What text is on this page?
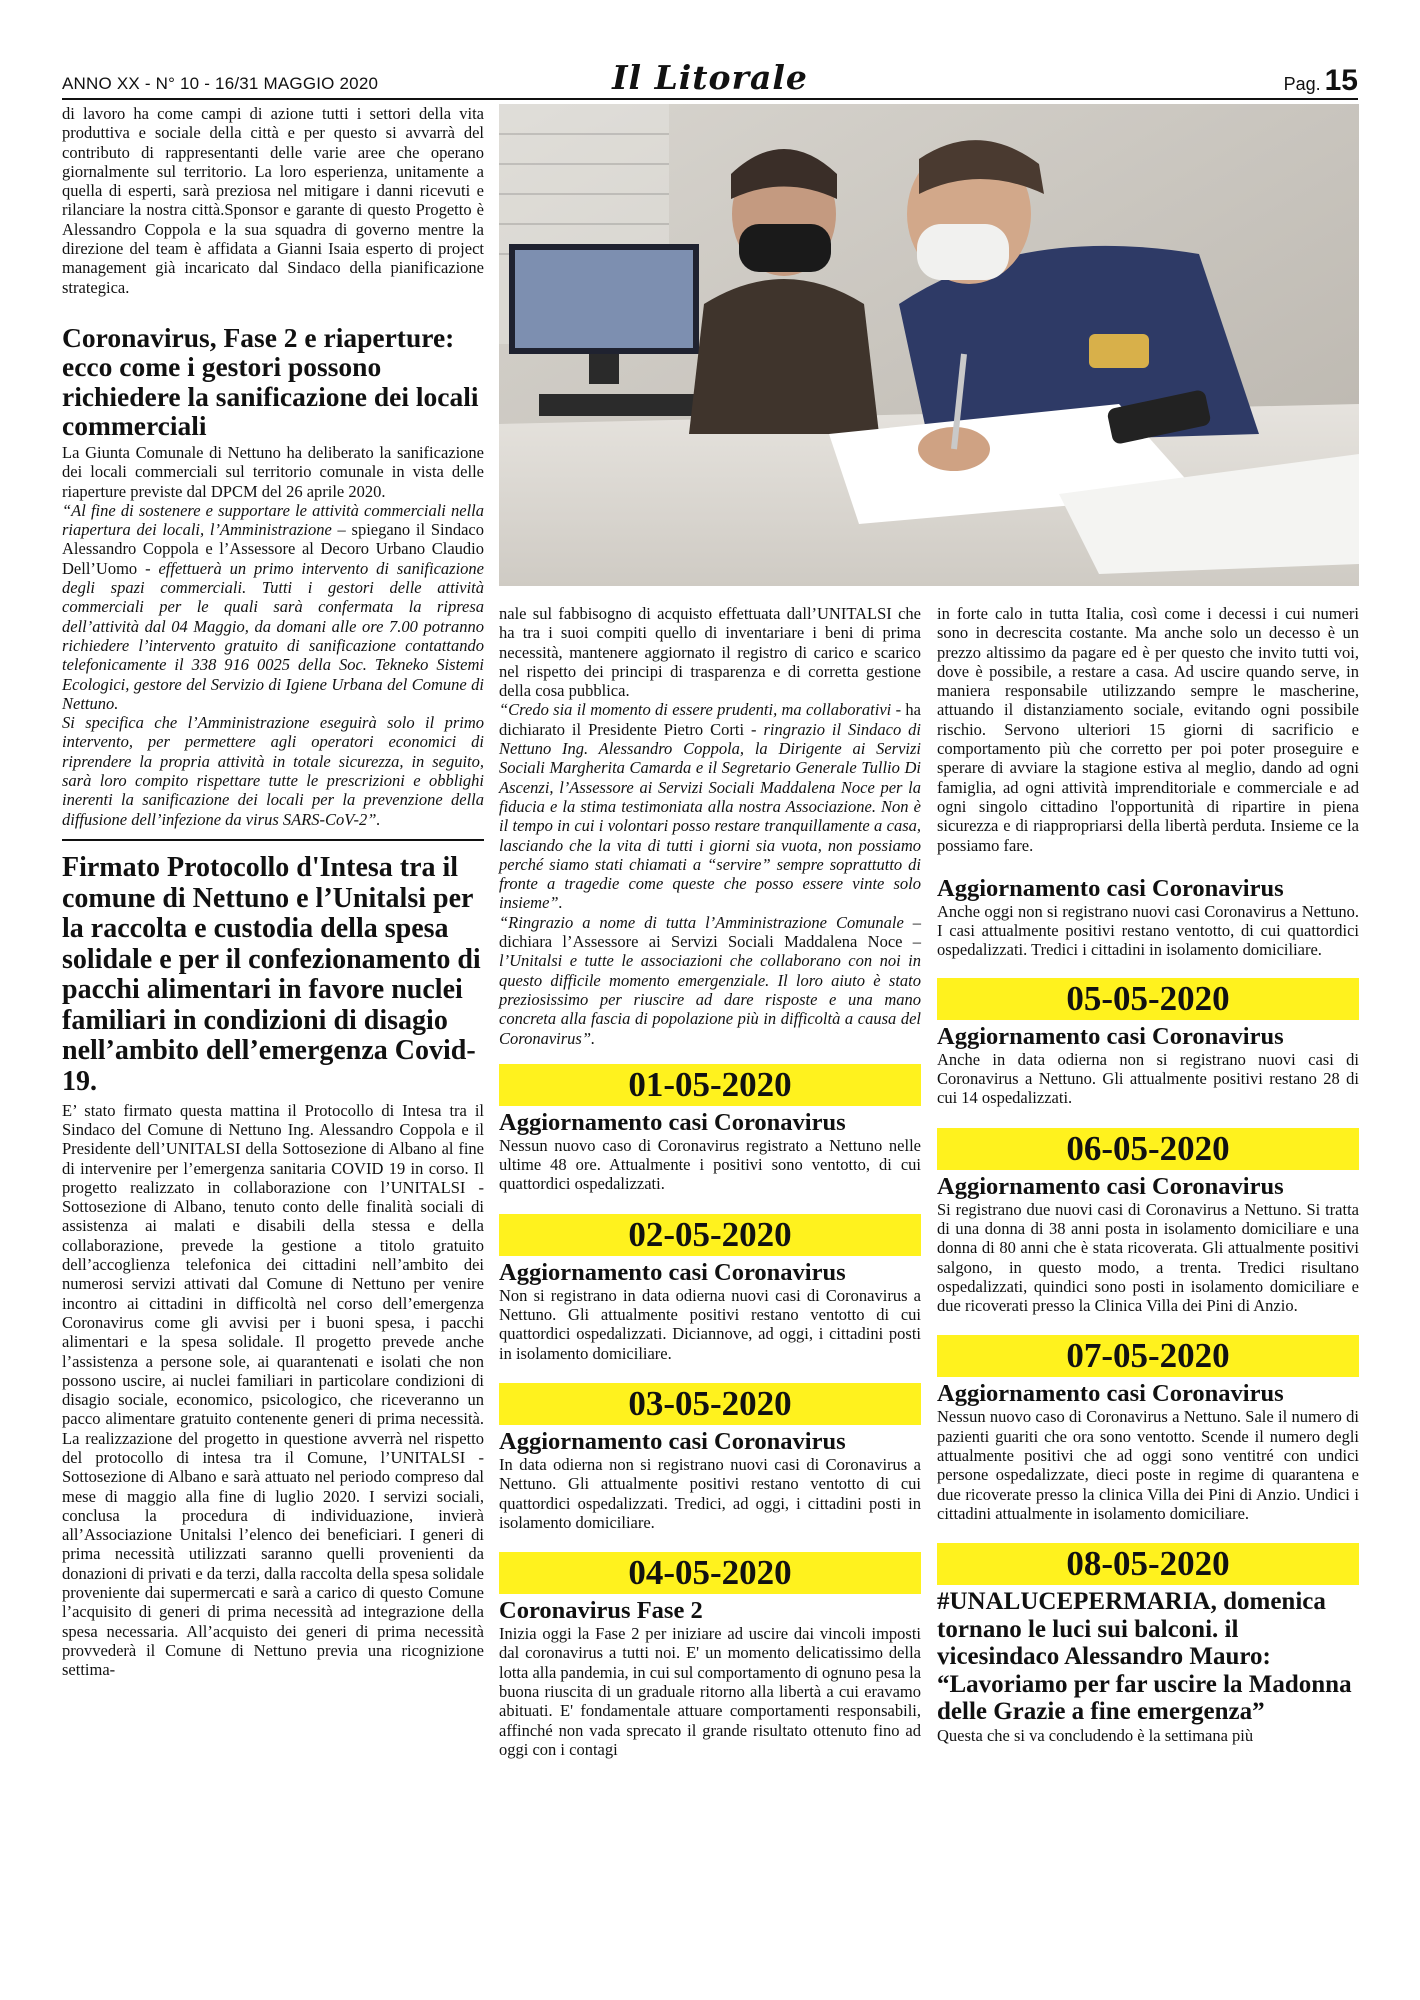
ANNO XX - N° 10 - 16/31 MAGGIO 2020	Il Litorale	Pag. 15

di lavoro ha come campi di azione tutti i settori della vita produttiva e sociale della città e per questo si avvarrà del contributo di rappresentanti delle varie aree che operano giornalmente sul territorio. La loro esperienza, unitamente a quella di esperti, sarà preziosa nel mitigare i danni ricevuti e rilanciare la nostra città.Sponsor e garante di questo Progetto è Alessandro Coppola e la sua squadra di governo mentre la direzione del team è affidata a Gianni Isaia esperto di project management già incaricato dal Sindaco della pianificazione strategica.

Coronavirus, Fase 2 e riaperture: ecco come i gestori possono richiedere la sanificazione dei locali commerciali

La Giunta Comunale di Nettuno ha deliberato la sanificazione dei locali commerciali sul territorio comunale in vista delle riaperture previste dal DPCM del 26 aprile 2020.

“Al fine di sostenere e supportare le attività commerciali nella riapertura dei locali, l’Amministrazione – spiegano il Sindaco Alessandro Coppola e l’Assessore al Decoro Urbano Claudio Dell’Uomo - effettuerà un primo intervento di sanificazione degli spazi commerciali. Tutti i gestori delle attività commerciali per le quali sarà confermata la ripresa dell’attività dal 04 Maggio, da domani alle ore 7.00 potranno richiedere l’intervento gratuito di sanificazione contattando telefonicamente il 338 916 0025 della Soc. Tekneko Sistemi Ecologici, gestore del Servizio di Igiene Urbana del Comune di Nettuno.

Si specifica che l’Amministrazione eseguirà solo il primo intervento, per permettere agli operatori economici di riprendere la propria attività in totale sicurezza, in seguito, sarà loro compito rispettare tutte le prescrizioni e obblighi inerenti la sanificazione dei locali per la prevenzione della diffusione dell’infezione da virus SARS-CoV-2”.

Firmato Protocollo d'Intesa tra il comune di Nettuno e l’Unitalsi per la raccolta e custodia della spesa solidale e per il confezionamento di pacchi alimentari in favore nuclei familiari in condizioni di disagio nell’ambito dell’emergenza Covid-19.

E’ stato firmato questa mattina il Protocollo di Intesa tra il Sindaco del Comune di Nettuno Ing. Alessandro Coppola e il Presidente dell’UNITALSI della Sottosezione di Albano al fine di intervenire per l’emergenza sanitaria COVID 19 in corso. Il progetto realizzato in collaborazione con l’UNITALSI - Sottosezione di Albano, tenuto conto delle finalità sociali di assistenza ai malati e disabili della stessa e della collaborazione, prevede la gestione a titolo gratuito dell’accoglienza telefonica dei cittadini nell’ambito dei numerosi servizi attivati dal Comune di Nettuno per venire incontro ai cittadini in difficoltà nel corso dell’emergenza Coronavirus come gli avvisi per i buoni spesa, i pacchi alimentari e la spesa solidale. Il progetto prevede anche l’assistenza a persone sole, ai quarantenati e isolati che non possono uscire, ai nuclei familiari in particolare condizioni di disagio sociale, economico, psicologico, che riceveranno un pacco alimentare gratuito contenente generi di prima necessità. La realizzazione del progetto in questione avverrà nel rispetto del protocollo di intesa tra il Comune, l’UNITALSI - Sottosezione di Albano e sarà attuato nel periodo compreso dal mese di maggio alla fine di luglio 2020. I servizi sociali, conclusa la procedura di individuazione, invierà all’Associazione Unitalsi l’elenco dei beneficiari. I generi di prima necessità utilizzati saranno quelli provenienti da donazioni di privati e da terzi, dalla raccolta della spesa solidale proveniente dai supermercati e sarà a carico di questo Comune l’acquisito di generi di prima necessità ad integrazione della spesa necessaria. All’acquisto dei generi di prima necessità provvederà il Comune di Nettuno previa una ricognizione settima-

nale sul fabbisogno di acquisto effettuata dall’UNITALSI che ha tra i suoi compiti quello di inventariare i beni di prima necessità, mantenere aggiornato il registro di carico e scarico nel rispetto dei principi di trasparenza e di corretta gestione della cosa pubblica.

“Credo sia il momento di essere prudenti, ma collaborativi - ha dichiarato il Presidente Pietro Corti - ringrazio il Sindaco di Nettuno Ing. Alessandro Coppola, la Dirigente ai Servizi Sociali Margherita Camarda e il Segretario Generale Tullio Di Ascenzi, l’Assessore ai Servizi Sociali Maddalena Noce per la fiducia e la stima testimoniata alla nostra Associazione. Non è il tempo in cui i volontari posso restare tranquillamente a casa, lasciando che la vita di tutti i giorni sia vuota, non possiamo perché siamo stati chiamati a “servire” sempre soprattutto di fronte a tragedie come queste che posso essere vinte solo insieme”.

“Ringrazio a nome di tutta l’Amministrazione Comunale – dichiara l’Assessore ai Servizi Sociali Maddalena Noce – l’Unitalsi e tutte le associazioni che collaborano con noi in questo difficile momento emergenziale. Il loro aiuto è stato preziosissimo per riuscire ad dare risposte e una mano concreta alla fascia di popolazione più in difficoltà a causa del Coronavirus”.

01-05-2020
Aggiornamento casi Coronavirus

Nessun nuovo caso di Coronavirus registrato a Nettuno nelle ultime 48 ore. Attualmente i positivi sono ventotto, di cui quattordici ospedalizzati.

02-05-2020
Aggiornamento casi Coronavirus

Non si registrano in data odierna nuovi casi di Coronavirus a Nettuno. Gli attualmente positivi restano ventotto di cui quattordici ospedalizzati. Diciannove, ad oggi, i cittadini posti in isolamento domiciliare.

03-05-2020
Aggiornamento casi Coronavirus

In data odierna non si registrano nuovi casi di Coronavirus a Nettuno. Gli attualmente positivi restano ventotto di cui quattordici ospedalizzati. Tredici, ad oggi, i cittadini posti in isolamento domiciliare.

04-05-2020
Coronavirus Fase 2

Inizia oggi la Fase 2 per iniziare ad uscire dai vincoli imposti dal coronavirus a tutti noi. E' un momento delicatissimo della lotta alla pandemia, in cui sul comportamento di ognuno pesa la buona riuscita di un graduale ritorno alla libertà a cui eravamo abituati. E' fondamentale attuare comportamenti responsabili, affinché non vada sprecato il grande risultato ottenuto fino ad oggi con i contagi

in forte calo in tutta Italia, così come i decessi i cui numeri sono in decrescita costante. Ma anche solo un decesso è un prezzo altissimo da pagare ed è per questo che invito tutti voi, dove è possibile, a restare a casa. Ad uscire quando serve, in maniera responsabile utilizzando sempre le mascherine, attuando il distanziamento sociale, evitando ogni possibile rischio. Servono ulteriori 15 giorni di sacrificio e comportamento più che corretto per poi poter proseguire e sperare di avviare la stagione estiva al meglio, dando ad ogni famiglia, ad ogni attività imprenditoriale e commerciale e ad ogni singolo cittadino l'opportunità di ripartire in piena sicurezza e di riappropriarsi della libertà perduta. Insieme ce la possiamo fare.

Aggiornamento casi Coronavirus

Anche oggi non si registrano nuovi casi Coronavirus a Nettuno. I casi attualmente positivi restano ventotto, di cui quattordici ospedalizzati. Tredici i cittadini in isolamento domiciliare.

05-05-2020
Aggiornamento casi Coronavirus

Anche in data odierna non si registrano nuovi casi di Coronavirus a Nettuno. Gli attualmente positivi restano 28 di cui 14 ospedalizzati.

06-05-2020
Aggiornamento casi Coronavirus

Si registrano due nuovi casi di Coronavirus a Nettuno. Si tratta di una donna di 38 anni posta in isolamento domiciliare e una donna di 80 anni che è stata ricoverata. Gli attualmente positivi salgono, in questo modo, a trenta. Tredici risultano ospedalizzati, quindici sono posti in isolamento domiciliare e due ricoverati presso la Clinica Villa dei Pini di Anzio.

07-05-2020
Aggiornamento casi Coronavirus

Nessun nuovo caso di Coronavirus a Nettuno. Sale il numero di pazienti guariti che ora sono ventotto. Scende il numero degli attualmente positivi che ad oggi sono ventitré con undici persone ospedalizzate, dieci poste in regime di quarantena e due ricoverate presso la clinica Villa dei Pini di Anzio. Undici i cittadini attualmente in isolamento domiciliare.

08-05-2020
#UNALUCEPERMARIA, domenica tornano le luci sui balconi. il vicesindaco Alessandro Mauro: “Lavoriamo per far uscire la Madonna delle Grazie a fine emergenza”

Questa che si va concludendo è la settimana più
